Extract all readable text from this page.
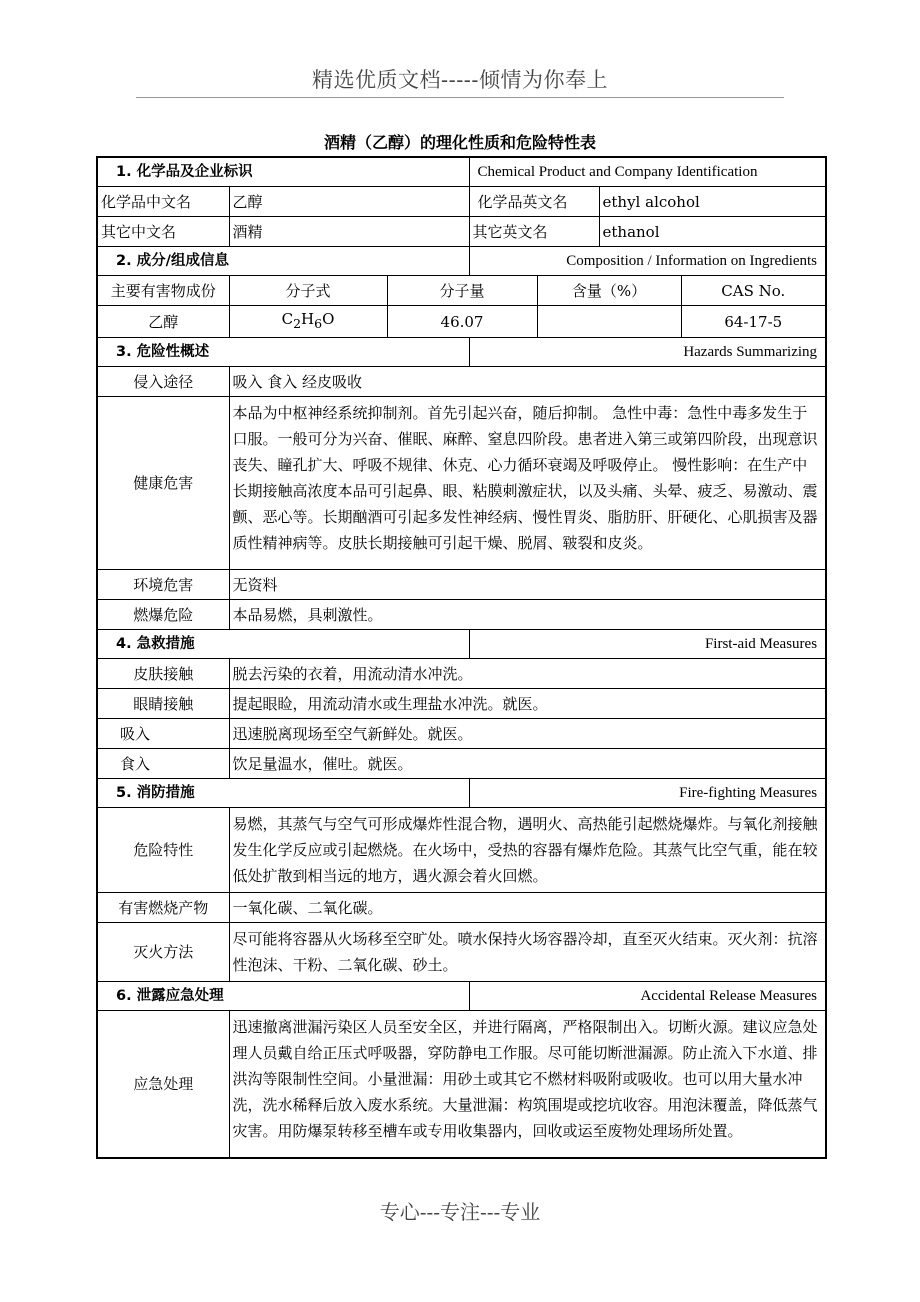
精选优质文档-----倾情为你奉上
酒精（乙醇）的理化性质和危险特性表
1. 化学品及企业标识			Chemical Product and Company Identification			
化学品中文名	乙醇		化学品英文名		ethyl alcohol	
其它中文名	酒精		其它英文名		ethanol	
2. 成分/组成信息			Composition / Information on Ingredients			
主要有害物成份	分子式	分子量		含量（%）		CAS No.
乙醇	$C_2H_6O$	46.07				64-17-5
3. 危险性概述			Hazards Summarizing			
侵入途径	吸入 食入 经皮吸收					
健康危害	本品为中枢神经系统抑制剂。首先引起兴奋，随后抑制。 急性中毒：急性中毒多发生于口服。一般可分为兴奋、催眠、麻醉、窒息四阶段。患者进入第三或第四阶段，出现意识丧失、瞳孔扩大、呼吸不规律、休克、心力循环衰竭及呼吸停止。 慢性影响：在生产中长期接触高浓度本品可引起鼻、眼、粘膜刺激症状，以及头痛、头晕、疲乏、易激动、震颤、恶心等。长期酗酒可引起多发性神经病、慢性胃炎、脂肪肝、肝硬化、心肌损害及器质性精神病等。皮肤长期接触可引起干燥、脱屑、皲裂和皮炎。					
环境危害	无资料					
燃爆危险	本品易燃，具刺激性。					
4. 急救措施			First-aid Measures			
皮肤接触	脱去污染的衣着，用流动清水冲洗。					
眼睛接触	提起眼睑，用流动清水或生理盐水冲洗。就医。					
吸入	迅速脱离现场至空气新鲜处。就医。					
食入	饮足量温水，催吐。就医。					
5. 消防措施			Fire-fighting Measures			
危险特性	易燃，其蒸气与空气可形成爆炸性混合物，遇明火、高热能引起燃烧爆炸。与氧化剂接触发生化学反应或引起燃烧。在火场中，受热的容器有爆炸危险。其蒸气比空气重，能在较低处扩散到相当远的地方，遇火源会着火回燃。					
有害燃烧产物	一氧化碳、二氧化碳。					
灭火方法	尽可能将容器从火场移至空旷处。喷水保持火场容器冷却，直至灭火结束。灭火剂：抗溶性泡沫、干粉、二氧化碳、砂土。					
6. 泄露应急处理			Accidental Release Measures			
应急处理	迅速撤离泄漏污染区人员至安全区，并进行隔离，严格限制出入。切断火源。建议应急处理人员戴自给正压式呼吸器，穿防静电工作服。尽可能切断泄漏源。防止流入下水道、排洪沟等限制性空间。小量泄漏：用砂土或其它不燃材料吸附或吸收。也可以用大量水冲洗，洗水稀释后放入废水系统。大量泄漏：构筑围堤或挖坑收容。用泡沫覆盖，降低蒸气灾害。用防爆泵转移至槽车或专用收集器内，回收或运至废物处理场所处置。					
专心---专注---专业
